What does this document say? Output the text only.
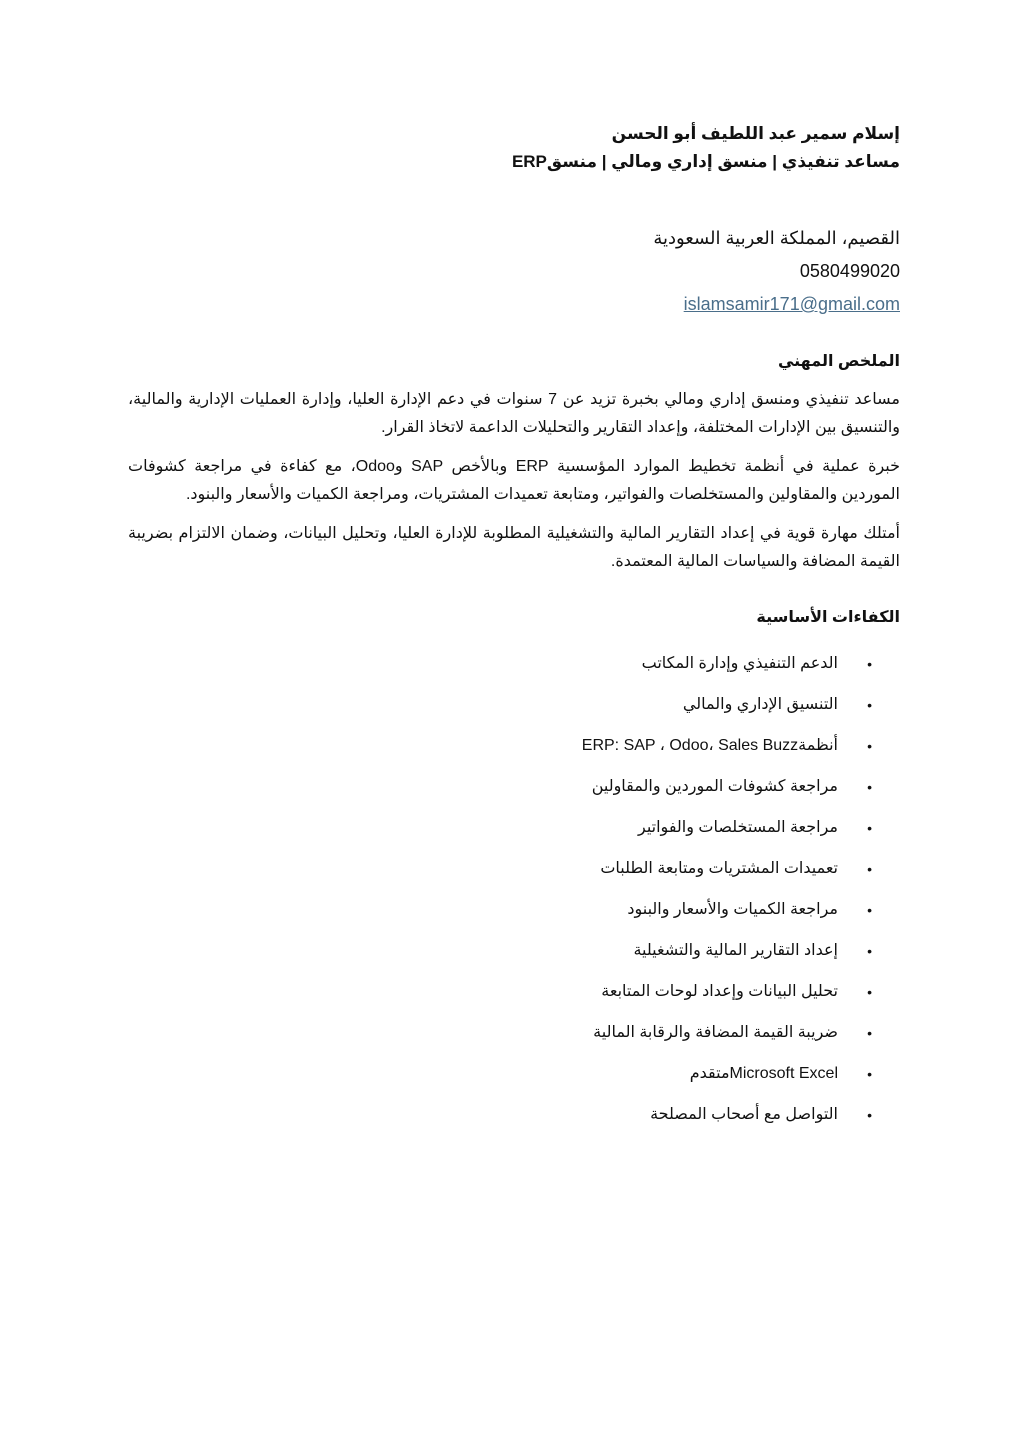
إسلام سمير عبد اللطيف أبو الحسن
مساعد تنفيذي | منسق إداري ومالي | منسقERP
القصيم، المملكة العربية السعودية
0580499020
islamsamir171@gmail.com
الملخص المهني

مساعد تنفيذي ومنسق إداري ومالي بخبرة تزيد عن 7 سنوات في دعم الإدارة العليا، وإدارة العمليات الإدارية والمالية، والتنسيق بين الإدارات المختلفة، وإعداد التقارير والتحليلات الداعمة لاتخاذ القرار.

خبرة عملية في أنظمة تخطيط الموارد المؤسسية ERP وبالأخص SAP وOdoo، مع كفاءة في مراجعة كشوفات الموردين والمقاولين والمستخلصات والفواتير، ومتابعة تعميدات المشتريات، ومراجعة الكميات والأسعار والبنود.

أمتلك مهارة قوية في إعداد التقارير المالية والتشغيلية المطلوبة للإدارة العليا، وتحليل البيانات، وضمان الالتزام بضريبة القيمة المضافة والسياسات المالية المعتمدة.

الكفاءات الأساسية
•
الدعم التنفيذي وإدارة المكاتب
•
التنسيق الإداري والمالي
•
أنظمةERP: SAP ، Odoo، Sales Buzz
•
مراجعة كشوفات الموردين والمقاولين
•
مراجعة المستخلصات والفواتير
•
تعميدات المشتريات ومتابعة الطلبات
•
مراجعة الكميات والأسعار والبنود
•
إعداد التقارير المالية والتشغيلية
•
تحليل البيانات وإعداد لوحات المتابعة
•
ضريبة القيمة المضافة والرقابة المالية
•
Microsoft Excelمتقدم
•
التواصل مع أصحاب المصلحة
